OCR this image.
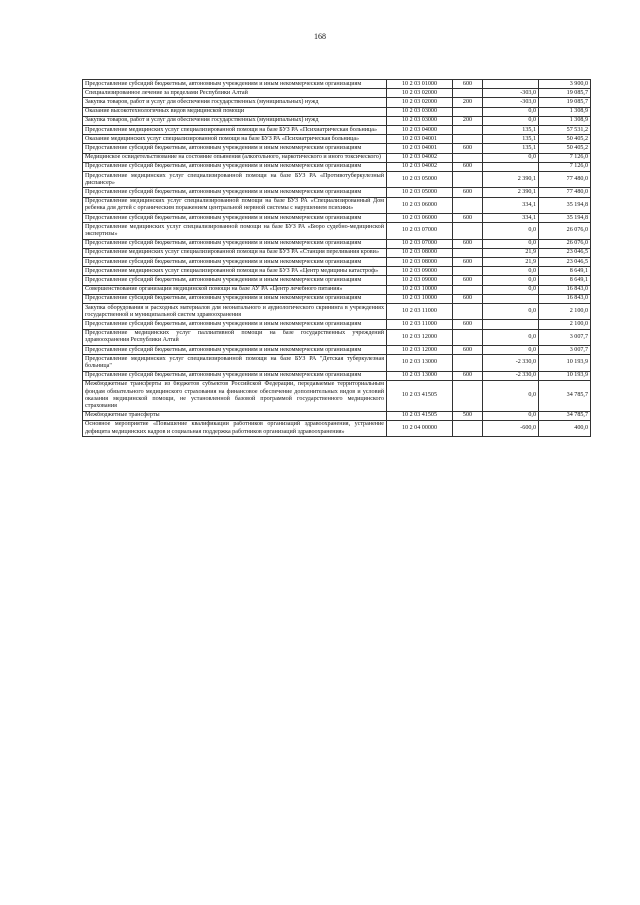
168
Предоставление субсидий бюджетным, автономным учреждениям и иным некоммерческим организациям	10 2 03 01000	600		3 900,0
Специализированное лечение за пределами Республики Алтай	10 2 03 02000		-303,0	19 085,7
Закупка товаров, работ и услуг для обеспечения государственных (муниципальных) нужд	10 2 03 02000	200	-303,0	19 085,7
Оказание высокотехнологичных видов медицинской помощи	10 2 03 03000		0,0	1 308,9
Закупка товаров, работ и услуг для обеспечения государственных (муниципальных) нужд	10 2 03 03000	200	0,0	1 308,9
Предоставление медицинских услуг специализированной помощи на базе БУЗ РА «Психиатрическая больница»	10 2 03 04000		135,1	57 531,2
Оказание медицинских услуг специализированной помощи на базе БУЗ РА «Психиатрическая больница»	10 2 03 04001		135,1	50 405,2
Предоставление субсидий бюджетным, автономным учреждениям и иным некоммерческим организациям	10 2 03 04001	600	135,1	50 405,2
Медицинское освидетельствование на состояние опьянения (алкогольного, наркотического и иного токсического)	10 2 03 04002		0,0	7 126,0
Предоставление субсидий бюджетным, автономным учреждениям и иным некоммерческим организациям	10 2 03 04002	600		7 126,0
Предоставление медицинских услуг специализированной помощи на базе БУЗ РА «Противотуберкулезный диспансер»	10 2 03 05000		2 390,1	77 480,0
Предоставление субсидий бюджетным, автономным учреждениям и иным некоммерческим организациям	10 2 03 05000	600	2 390,1	77 480,0
Предоставление медицинских услуг специализированной помощи на базе БУЗ РА «Специализированный Дом ребенка для детей с органическим поражением центральной нервной системы с нарушением психики»	10 2 03 06000		334,1	35 194,8
Предоставление субсидий бюджетным, автономным учреждениям и иным некоммерческим организациям	10 2 03 06000	600	334,1	35 194,8
Предоставление медицинских услуг специализированной помощи на базе БУЗ РА «Бюро судебно-медицинской экспертизы»	10 2 03 07000		0,0	26 076,0
Предоставление субсидий бюджетным, автономным учреждениям и иным некоммерческим организациям	10 2 03 07000	600	0,0	26 076,0
Предоставление медицинских услуг специализированной помощи на базе БУЗ РА «Станция переливания крови»	10 2 03 08000		21,9	23 046,5
Предоставление субсидий бюджетным, автономным учреждениям и иным некоммерческим организациям	10 2 03 08000	600	21,9	23 046,5
Предоставление медицинских услуг специализированной помощи на базе БУЗ РА «Центр медицины катастроф»	10 2 03 09000		0,0	8 649,1
Предоставление субсидий бюджетным, автономным учреждениям и иным некоммерческим организациям	10 2 03 09000	600	0,0	8 649,1
Совершенствование организации медицинской помощи на базе АУ РА «Центр лечебного питания»	10 2 03 10000		0,0	16 843,0
Предоставление субсидий бюджетным, автономным учреждениям и иным некоммерческим организациям	10 2 03 10000	600		16 843,0
Закупка оборудования и расходных материалов для неонатального и аудиологического скрининга в учреждениях государственной и муниципальной систем здравоохранения	10 2 03 11000		0,0	2 100,0
Предоставление субсидий бюджетным, автономным учреждениям и иным некоммерческим организациям	10 2 03 11000	600		2 100,0
Предоставление медицинских услуг паллиативной помощи на базе государственных учреждений здравоохранения Республики Алтай	10 2 03 12000		0,0	3 007,7
Предоставление субсидий бюджетным, автономным учреждениям и иным некоммерческим организациям	10 2 03 12000	600	0,0	3 007,7
Предоставление медицинских услуг специализированной помощи на базе БУЗ РА "Детская туберкулезная больница"	10 2 03 13000		-2 330,0	10 193,9
Предоставление субсидий бюджетным, автономным учреждениям и иным некоммерческим организациям	10 2 03 13000	600	-2 330,0	10 193,9
Межбюджетные трансферты из бюджетов субъектов Российской Федерации, передаваемые территориальным фондам обязательного медицинского страхования на финансовое обеспечение дополнительных видов и условий оказания медицинской помощи, не установленной базовой программой государственного медицинского страхования	10 2 03 41505		0,0	34 785,7
Межбюджетные трансферты	10 2 03 41505	500	0,0	34 785,7
Основное мероприятие «Повышение квалификации работников организаций здравоохранения, устранение дефицита медицинских кадров и социальная поддержка работников организаций здравоохранения»	10 2 04 00000		-600,0	400,0
